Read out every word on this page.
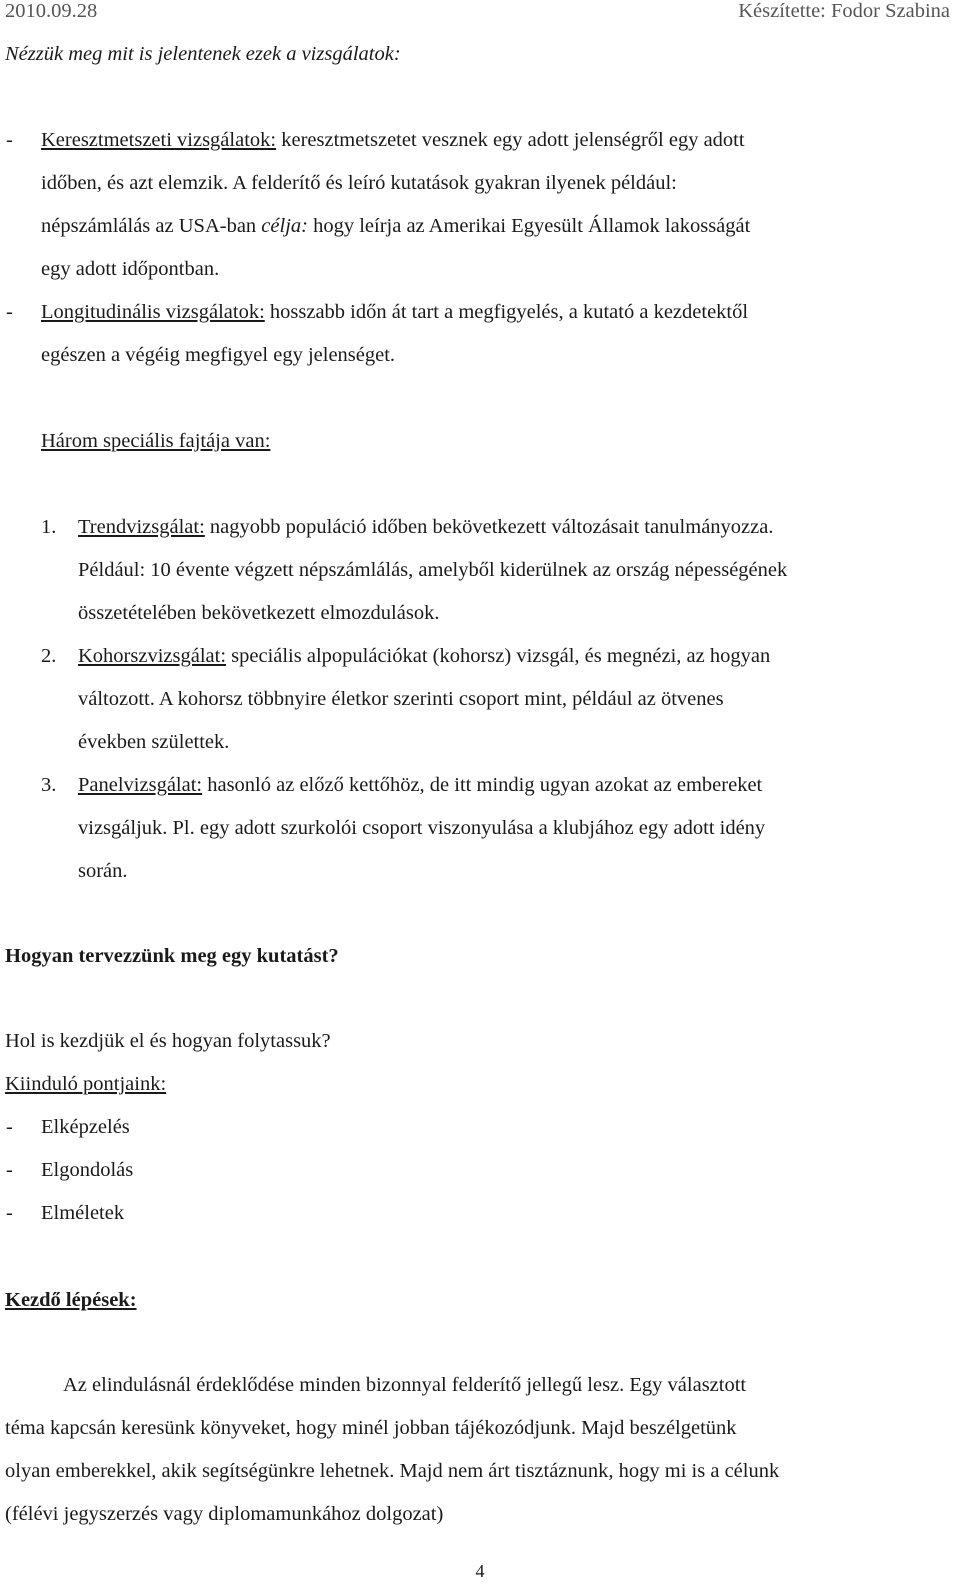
2010.09.28	Készítette: Fodor Szabina
Nézzük meg mit is jelentenek ezek a vizsgálatok:
- Keresztmetszeti vizsgálatok: keresztmetszetet vesznek egy adott jelenségről egy adott
időben, és azt elemzik. A felderítő és leíró kutatások gyakran ilyenek például:
népszámlálás az USA-ban célja: hogy leírja az Amerikai Egyesült Államok lakosságát
egy adott időpontban.
- Longitudinális vizsgálatok: hosszabb időn át tart a megfigyelés, a kutató a kezdetektől
egészen a végéig megfigyel egy jelenséget.
Három speciális fajtája van:
1. Trendvizsgálat: nagyobb populáció időben bekövetkezett változásait tanulmányozza.
Például: 10 évente végzett népszámlálás, amelyből kiderülnek az ország népességének
összetételében bekövetkezett elmozdulások.
2. Kohorszvizsgálat: speciális alpopulációkat (kohorsz) vizsgál, és megnézi, az hogyan
változott. A kohorsz többnyire életkor szerinti csoport mint, például az ötvenes
években születtek.
3. Panelvizsgálat: hasonló az előző kettőhöz, de itt mindig ugyan azokat az embereket
vizsgáljuk. Pl. egy adott szurkolói csoport viszonyulása a klubjához egy adott idény
során.
Hogyan tervezzünk meg egy kutatást?
Hol is kezdjük el és hogyan folytassuk?
Kiinduló pontjaink:
- Elképzelés
- Elgondolás
- Elméletek
Kezdő lépések:
Az elindulásnál érdeklődése minden bizonnyal felderítő jellegű lesz. Egy választott
téma kapcsán keresünk könyveket, hogy minél jobban tájékozódjunk. Majd beszélgetünk
olyan emberekkel, akik segítségünkre lehetnek. Majd nem árt tisztáznunk, hogy mi is a célunk
(félévi jegyszerzés vagy diplomamunkához dolgozat)
4
